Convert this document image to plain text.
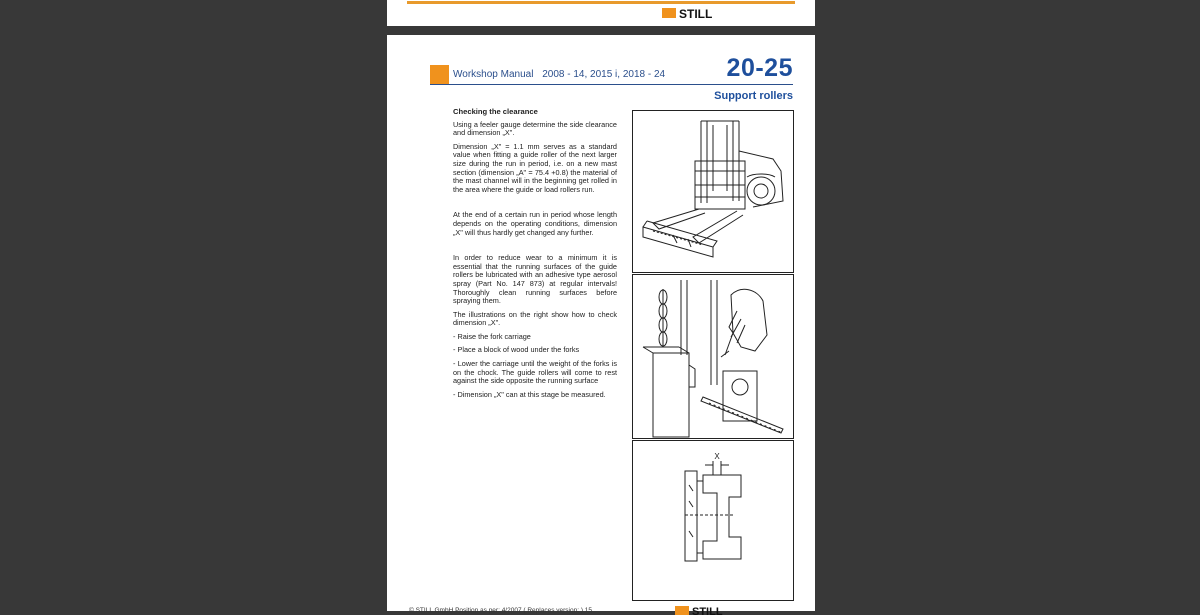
STILL
Workshop Manual 2008 - 14, 2015 i, 2018 - 24 20-25
Support rollers

Checking the clearance

Using a feeler gauge determine the side clearance and dimension „X".

Dimension „X" = 1.1 mm serves as a standard value when fitting a guide roller of the next larger size during the run in period, i.e. on a new mast section (dimension „A" = 75.4 +0.8) the material of the mast channel will in the beginning get rolled in the area where the guide or load rollers run.

At the end of a certain run in period whose length depends on the operating conditions, dimension „X" will thus hardly get changed any further.

In order to reduce wear to a minimum it is essential that the running surfaces of the guide rollers be lubricated with an adhesive type aerosol spray (Part No. 147 873) at regular intervals! Thoroughly clean running surfaces before spraying them.

The illustrations on the right show how to check dimension „X".

- Raise the fork carriage

- Place a block of wood under the forks

- Lower the carriage until the weight of the forks is on the chock. The guide rollers will come to rest against the side opposite the running surface

- Dimension „X" can at this stage be measured.

X
© STILL GmbH Position as per: 4/2007 ( Replaces version: ) 15	STILL
